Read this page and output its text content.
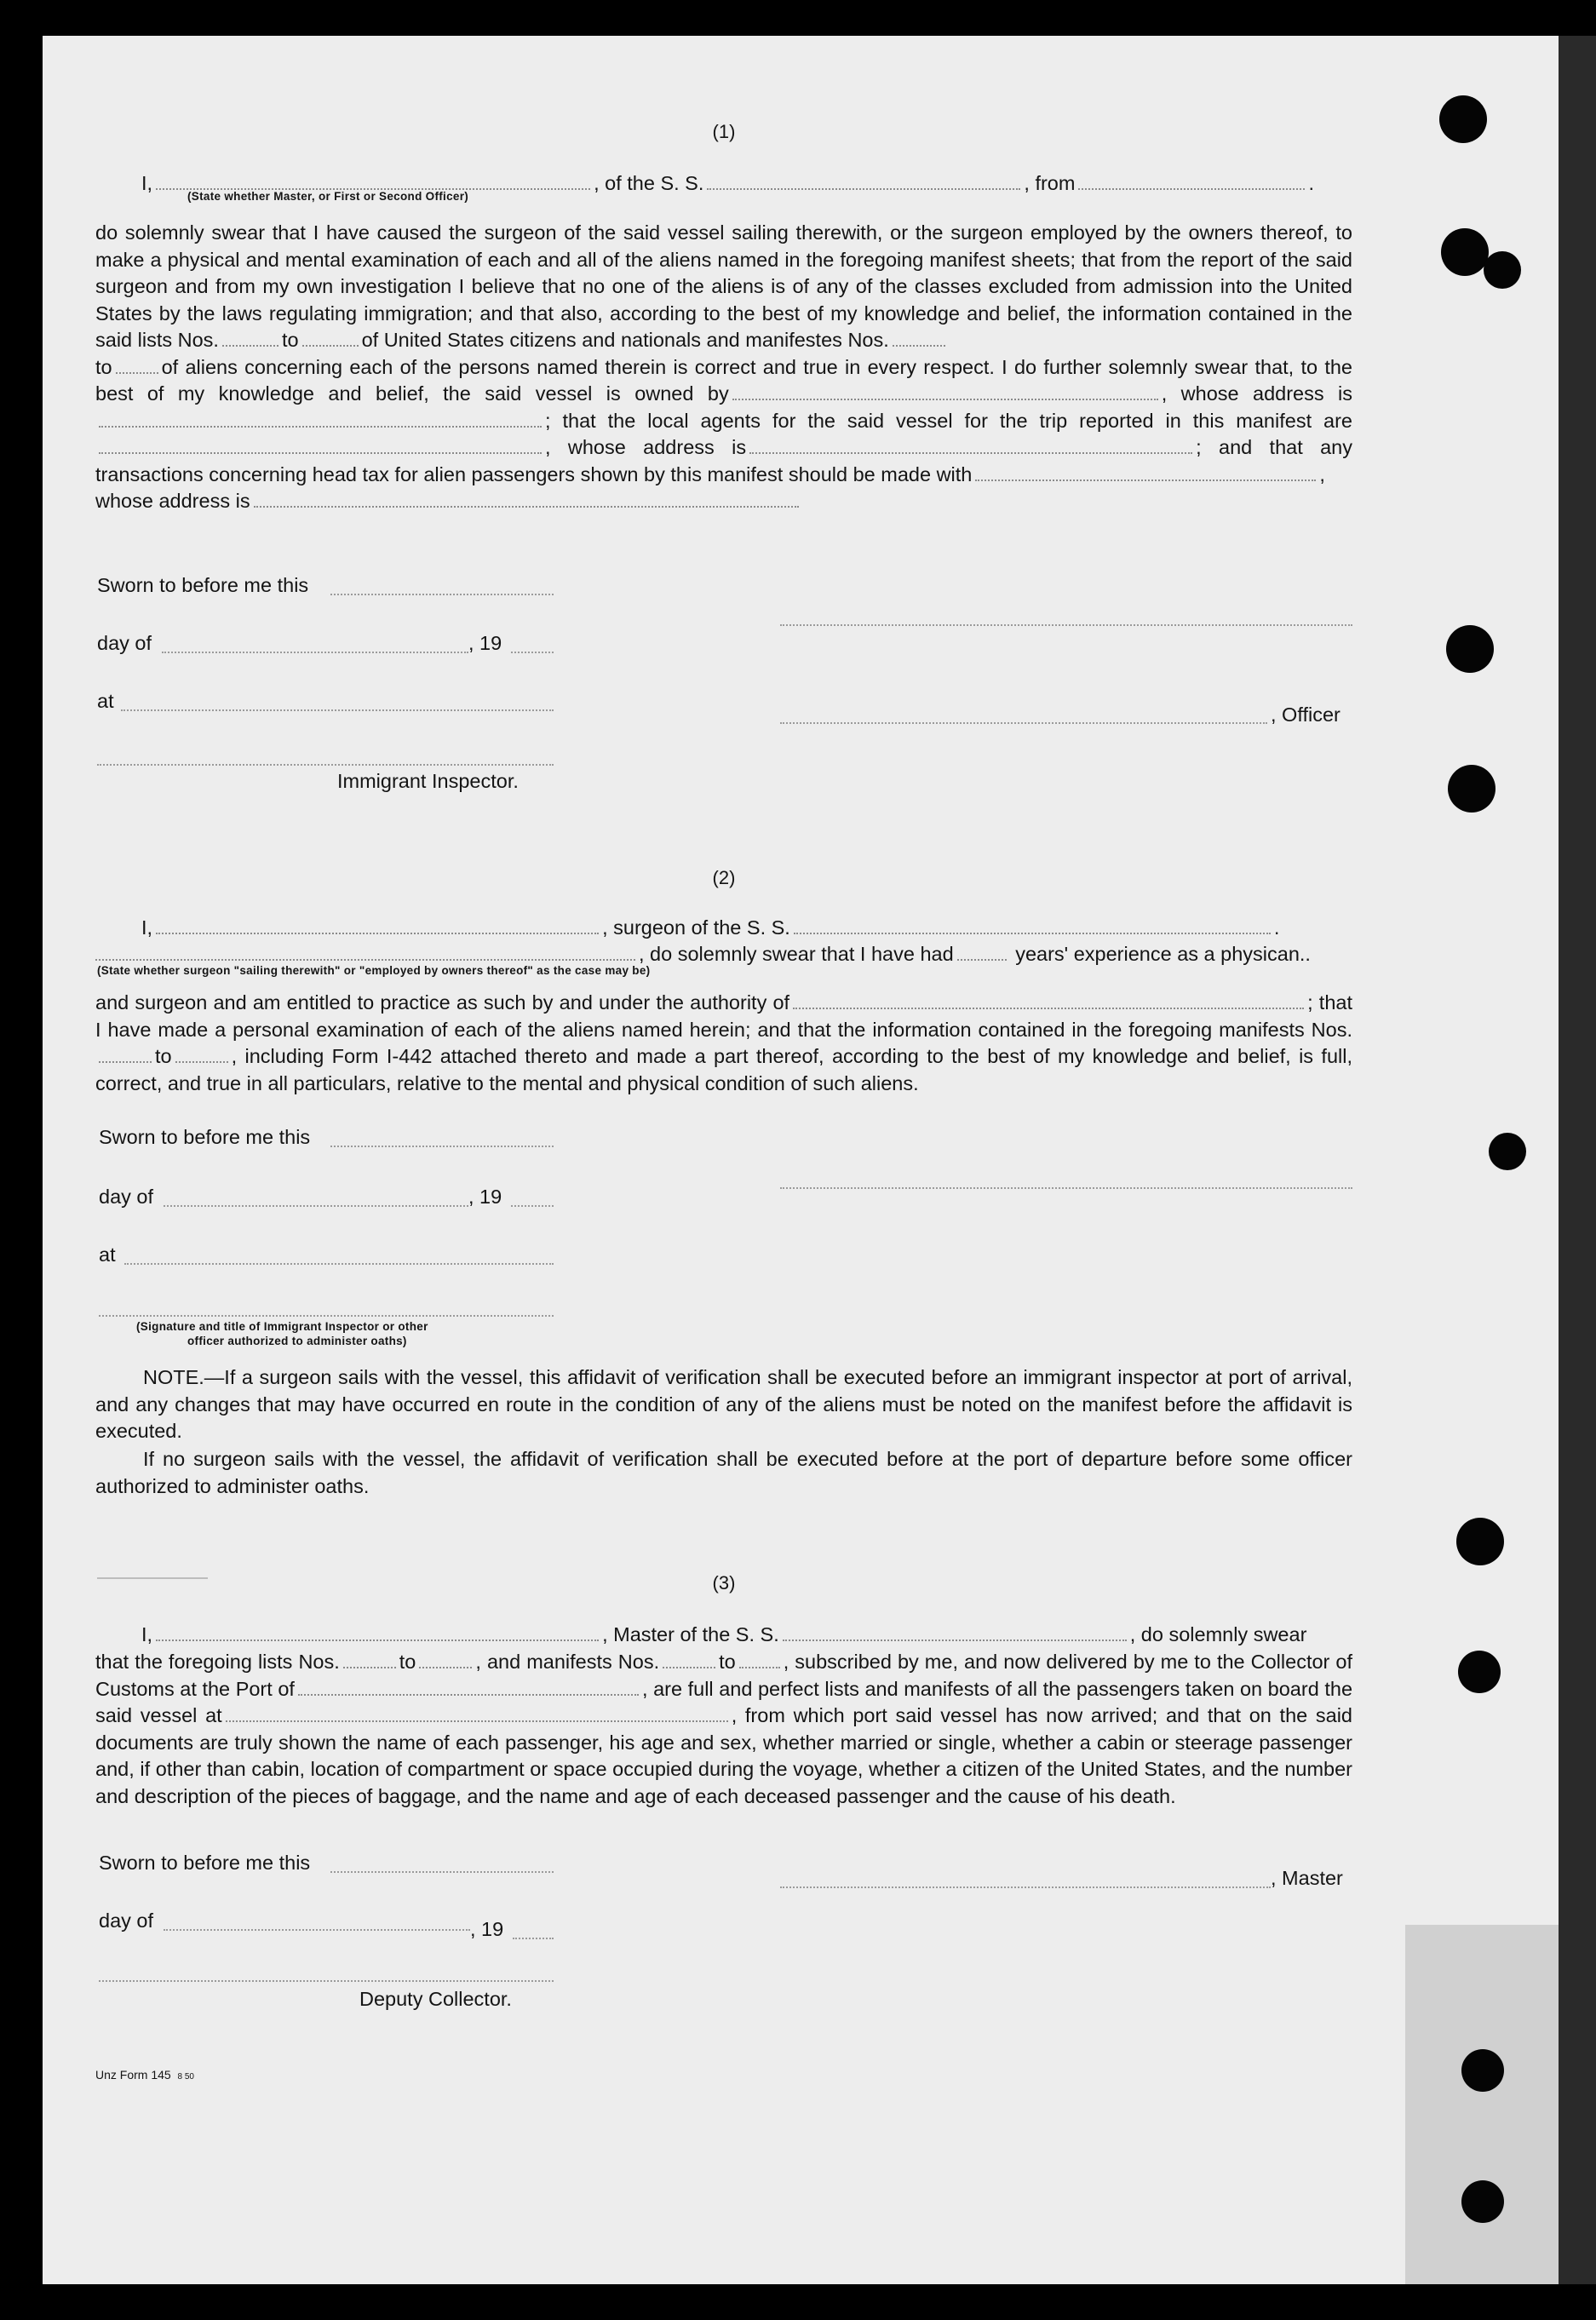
(1)
I,	, of the S. S.	, from	.
(State whether Master, or First or Second Officer)
do solemnly swear that I have caused the surgeon of the said vessel sailing therewith, or the surgeon employed by the owners thereof, to make a physical and mental examination of each and all of the aliens named in the foregoing manifest sheets; that from the report of the said surgeon and from my own investigation I believe that no one of the aliens is of any of the classes excluded from admission into the United States by the laws regulating immigration; and that also, according to the best of my knowledge and belief, the information contained in the said lists Nos.	to	of United States citizens and nationals and manifestes Nos.
to of aliens concerning each of the persons named therein is correct and true in every respect. I do further solemnly swear that, to the best of my knowledge and belief, the said vessel is owned by	, whose address is ; that the local agents for the said vessel for the trip reported in this manifest are , whose address is	; and that any transactions concerning head tax for alien passengers shown by this manifest should be made with	,
whose address is
Sworn to before me this
day of	, 19
at
, Officer
Immigrant Inspector.
(2)
I,	, surgeon of the S. S.	.
, do solemnly swear that I have had	years' experience as a physican..
(State whether surgeon "sailing therewith" or "employed by owners thereof" as the case may be)
and surgeon and am entitled to practice as such by and under the authority of	; that I have made a personal examination of each of the aliens named herein; and that the information contained in the foregoing manifests Nos.to	, including Form I-442 attached thereto and made a part thereof, according to the best of my knowledge and belief, is full, correct, and true in all particulars, relative to the mental and physical condition of such aliens.
Sworn to before me this
day of	, 19
at
(Signature and title of Immigrant Inspector or other
officer authorized to administer oaths)
NOTE.—If a surgeon sails with the vessel, this affidavit of verification shall be executed before an immigrant inspector at port of arrival, and any changes that may have occurred en route in the condition of any of the aliens must be noted on the manifest before the affidavit is executed.
If no surgeon sails with the vessel, the affidavit of verification shall be executed before at the port of departure before some officer authorized to administer oaths.
(3)
I,	, Master of the S. S.	, do solemnly swear
that the foregoing lists Nos.	to	, and manifests Nos.	to , subscribed by me, and now delivered by me to the Collector of Customs at the Port of	, are full and perfect lists and manifests of all the passengers taken on board the said vessel at	, from which port said vessel has now arrived; and that on the said documents are truly shown the name of each passenger, his age and sex, whether married or single, whether a cabin or steerage passenger and, if other than cabin, location of compartment or space occupied during the voyage, whether a citizen of the United States, and the number and description of the pieces of baggage, and the name and age of each deceased passenger and the cause of his death.
Sworn to before me this
, Master
day of	, 19
Deputy Collector.
Unz Form 145 8 50
